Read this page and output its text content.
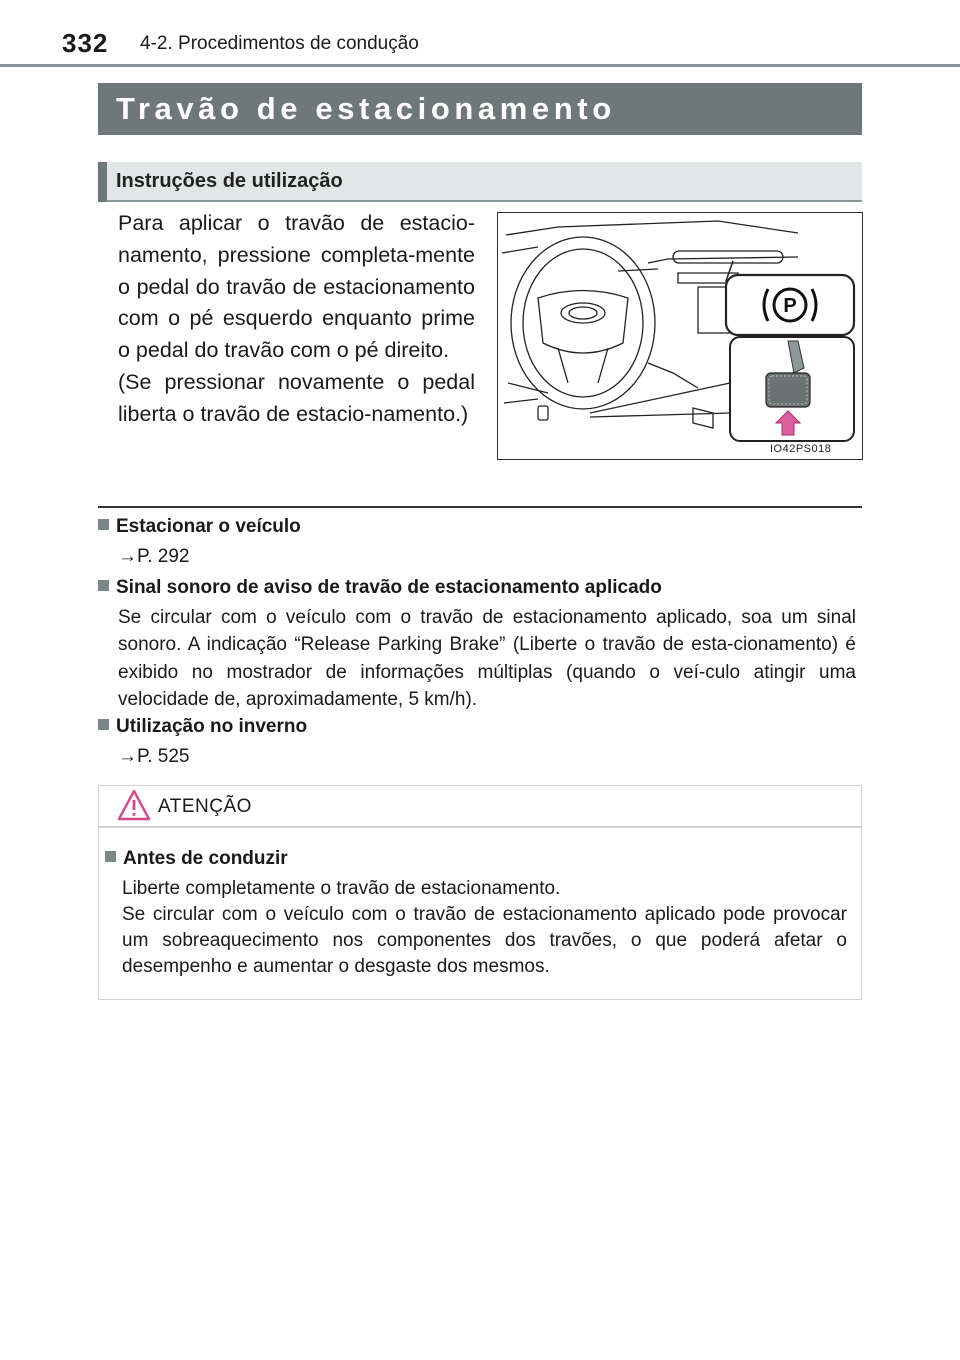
332 4-2. Procedimentos de condução
Travão de estacionamento
Instruções de utilização

Para aplicar o travão de estacio-namento, pressione completa-mente o pedal do travão de estacionamento com o pé esquerdo enquanto prime o pedal do travão com o pé direito.

(Se pressionar novamente o pedal liberta o travão de estacio-namento.)

P
IO42PS018
Estacionar o veículo
→P. 292
Sinal sonoro de aviso de travão de estacionamento aplicado
Se circular com o veículo com o travão de estacionamento aplicado, soa um sinal sonoro. A indicação “Release Parking Brake” (Liberte o travão de esta-cionamento) é exibido no mostrador de informações múltiplas (quando o veí-culo atingir uma velocidade de, aproximadamente, 5 km/h).
Utilização no inverno
→P. 525
ATENÇÃO
Antes de conduzir

Liberte completamente o travão de estacionamento.

Se circular com o veículo com o travão de estacionamento aplicado pode provocar um sobreaquecimento nos componentes dos travões, o que poderá afetar o desempenho e aumentar o desgaste dos mesmos.
